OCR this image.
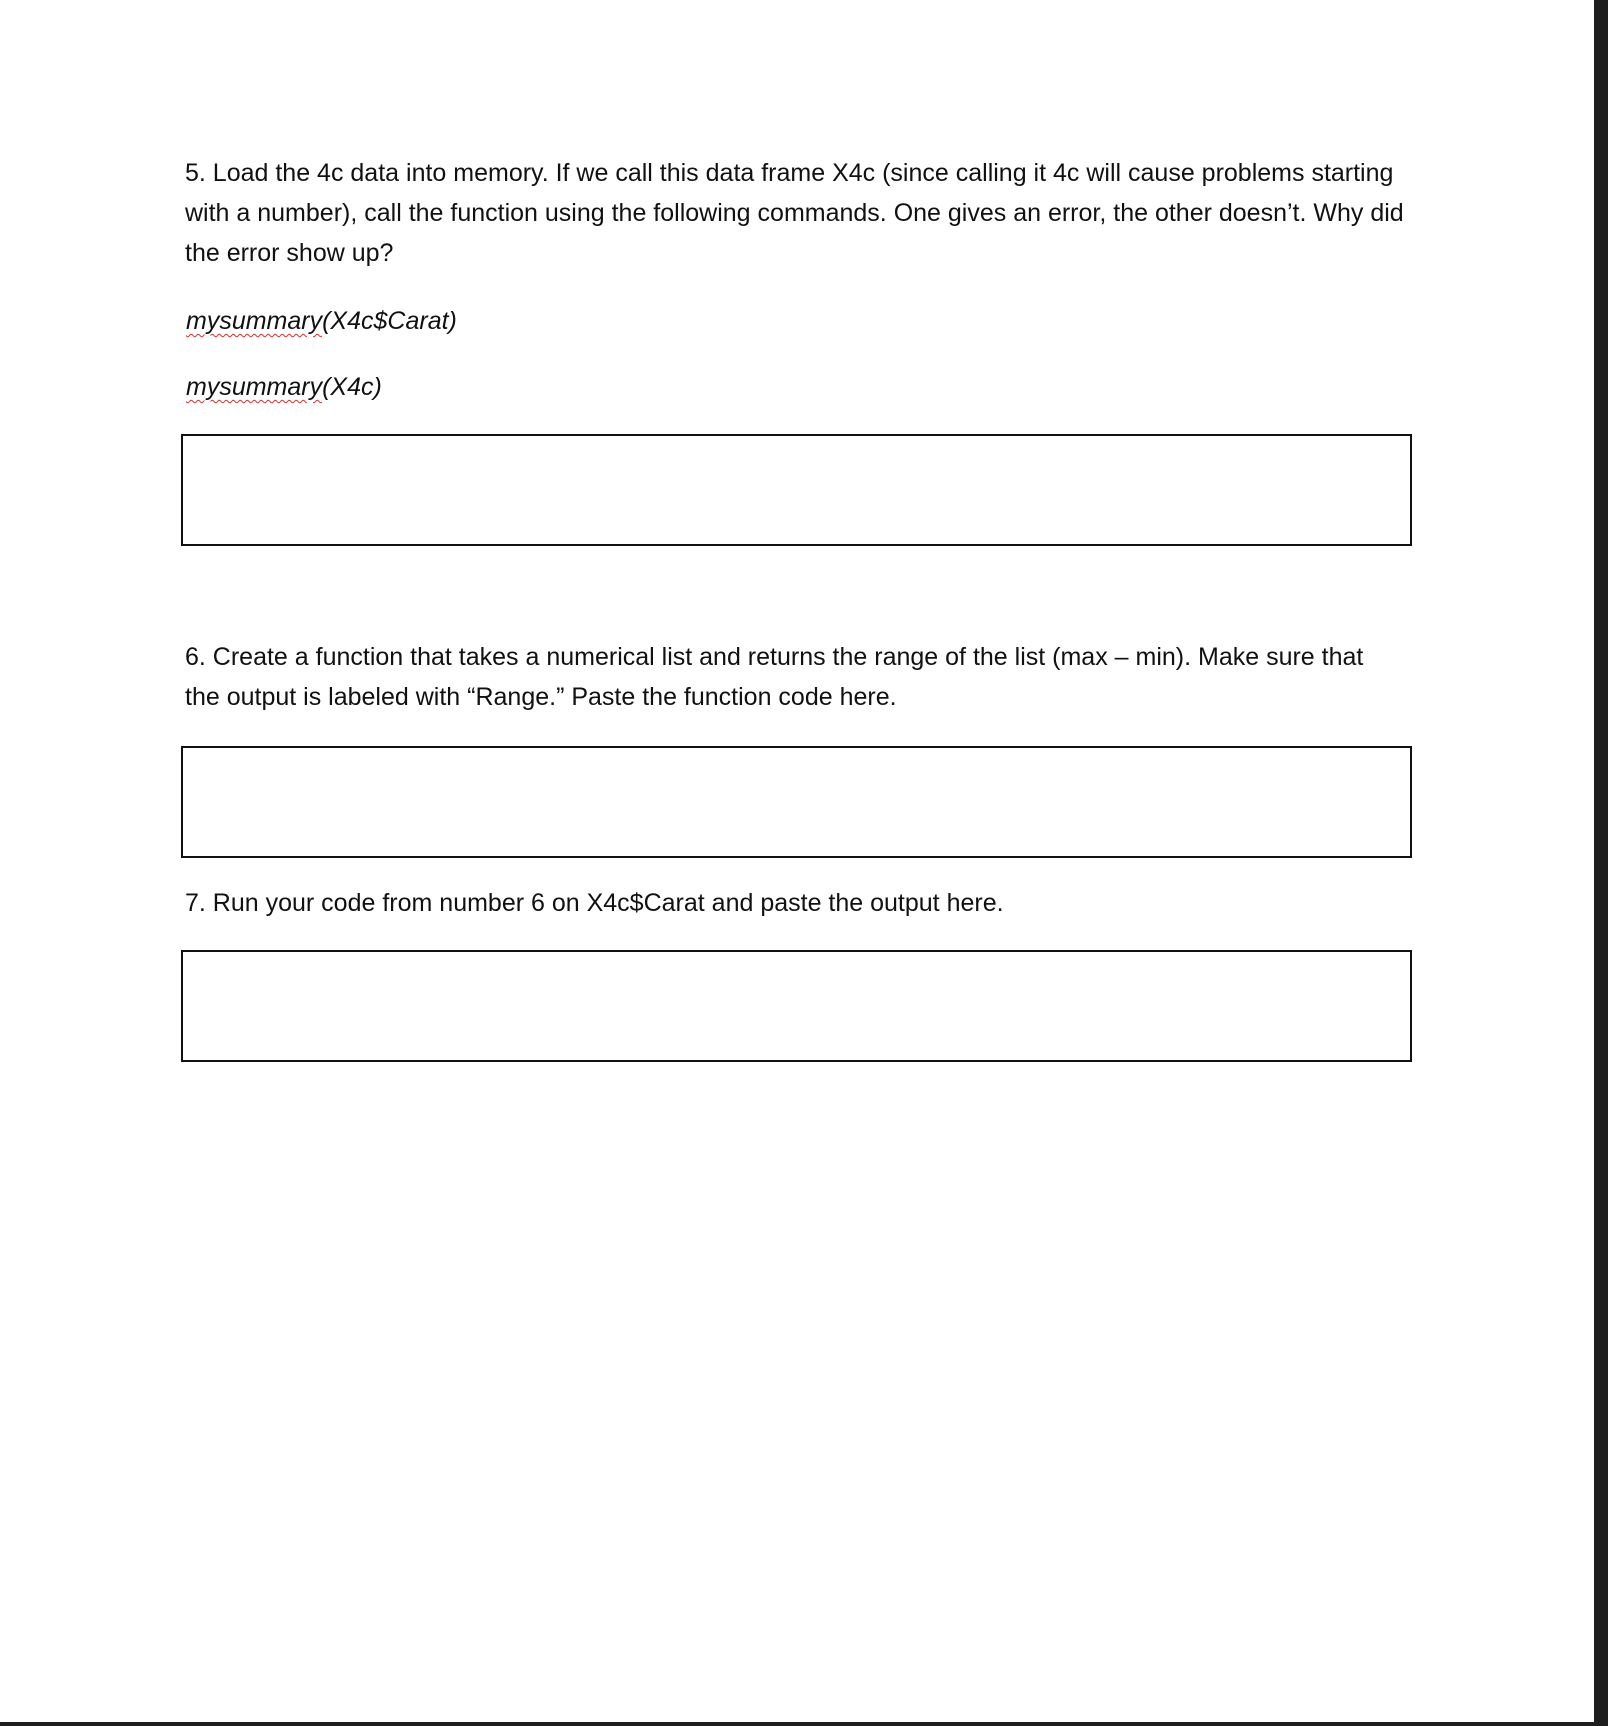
5. Load the 4c data into memory. If we call this data frame X4c (since calling it 4c will cause problems starting with a number), call the function using the following commands. One gives an error, the other doesn’t. Why did the error show up?

mysummary(X4c$Carat)

mysummary(X4c)

6. Create a function that takes a numerical list and returns the range of the list (max – min). Make sure that the output is labeled with “Range.” Paste the function code here.

7. Run your code from number 6 on X4c$Carat and paste the output here.
